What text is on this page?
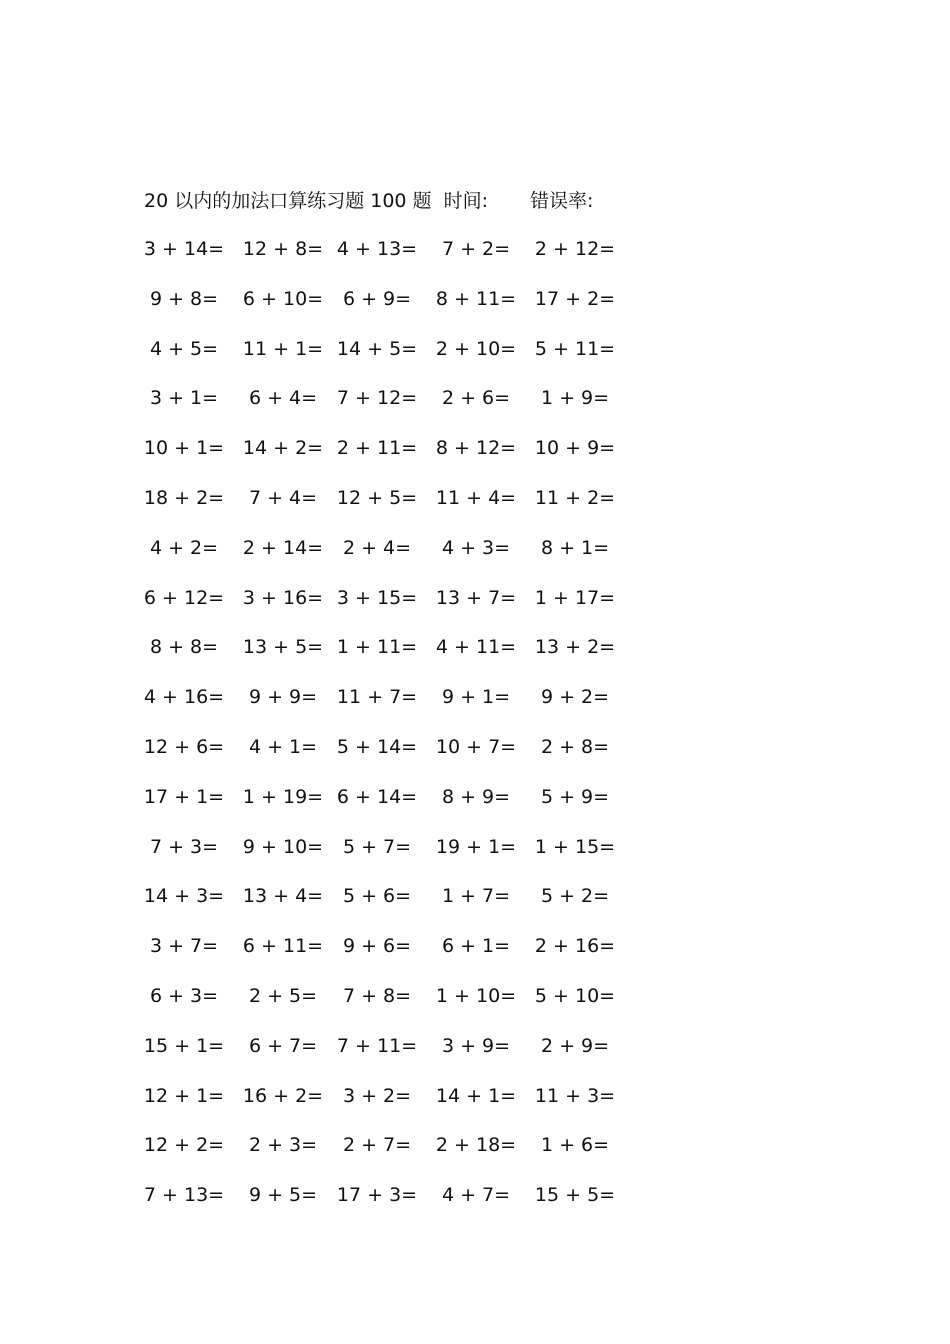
20 以内的加法口算练习题 100 题 时间: 错误率:
3 + 14= 12 + 8= 4 + 13= 7 + 2= 2 + 12=
9 + 8= 6 + 10= 6 + 9= 8 + 11= 17 + 2=
4 + 5= 11 + 1= 14 + 5= 2 + 10= 5 + 11=
3 + 1= 6 + 4= 7 + 12= 2 + 6= 1 + 9=
10 + 1= 14 + 2= 2 + 11= 8 + 12= 10 + 9=
18 + 2= 7 + 4= 12 + 5= 11 + 4= 11 + 2=
4 + 2= 2 + 14= 2 + 4= 4 + 3= 8 + 1=
6 + 12= 3 + 16= 3 + 15= 13 + 7= 1 + 17=
8 + 8= 13 + 5= 1 + 11= 4 + 11= 13 + 2=
4 + 16= 9 + 9= 11 + 7= 9 + 1= 9 + 2=
12 + 6= 4 + 1= 5 + 14= 10 + 7= 2 + 8=
17 + 1= 1 + 19= 6 + 14= 8 + 9= 5 + 9=
7 + 3= 9 + 10= 5 + 7= 19 + 1= 1 + 15=
14 + 3= 13 + 4= 5 + 6= 1 + 7= 5 + 2=
3 + 7= 6 + 11= 9 + 6= 6 + 1= 2 + 16=
6 + 3= 2 + 5= 7 + 8= 1 + 10= 5 + 10=
15 + 1= 6 + 7= 7 + 11= 3 + 9= 2 + 9=
12 + 1= 16 + 2= 3 + 2= 14 + 1= 11 + 3=
12 + 2= 2 + 3= 2 + 7= 2 + 18= 1 + 6=
7 + 13= 9 + 5= 17 + 3= 4 + 7= 15 + 5=
